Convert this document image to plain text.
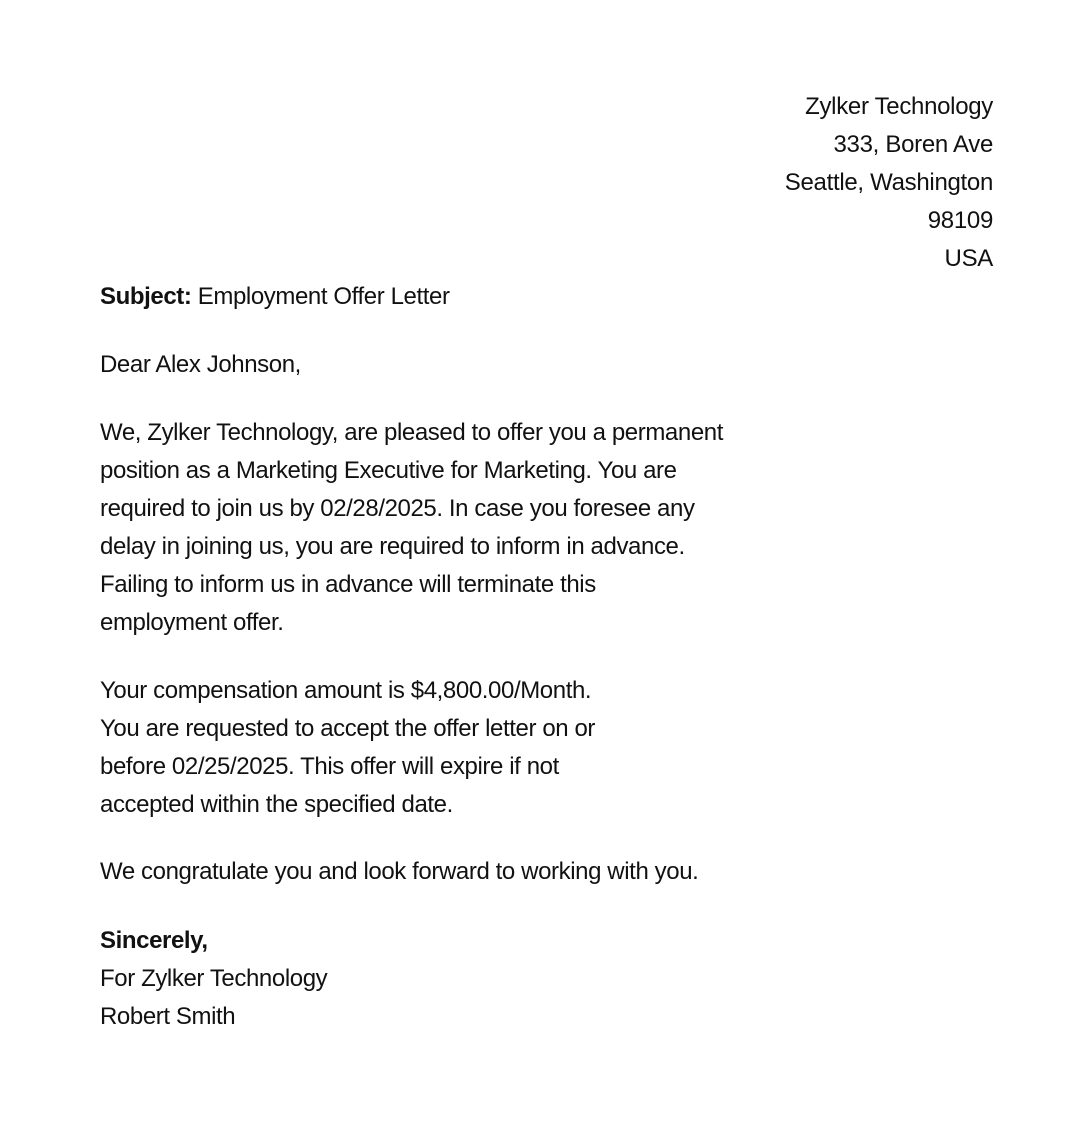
Zylker Technology
333, Boren Ave
Seattle, Washington
98109
USA
Subject: Employment Offer Letter
Dear Alex Johnson,
We, Zylker Technology, are pleased to offer you a permanent
position as a Marketing Executive for Marketing. You are
required to join us by 02/28/2025. In case you foresee any
delay in joining us, you are required to inform in advance.
Failing to inform us in advance will terminate this
employment offer.
Your compensation amount is $4,800.00/Month.
You are requested to accept the offer letter on or
before 02/25/2025. This offer will expire if not
accepted within the specified date.
We congratulate you and look forward to working with you.
Sincerely,
For Zylker Technology
Robert Smith
